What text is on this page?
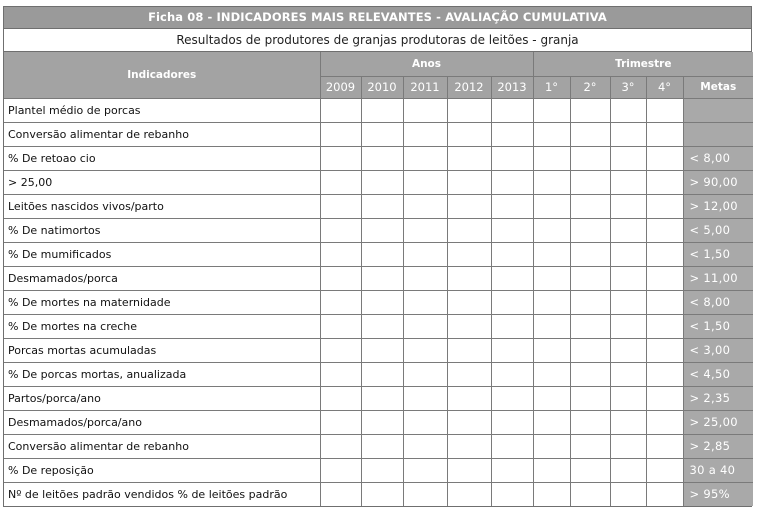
Ficha 08 - INDICADORES MAIS RELEVANTES - AVALIAÇÃO CUMULATIVA
Resultados de produtores de granjas produtoras de leitões - granja
Indicadores	Anos					Trimestre				
	2009	2010	2011	2012	2013	1°	2°	3°	4°	Metas
Plantel médio de porcas										
Conversão alimentar de rebanho										
% De retoao cio										< 8,00
> 25,00										> 90,00
Leitões nascidos vivos/parto										> 12,00
% De natimortos										< 5,00
% De mumificados										< 1,50
Desmamados/porca										> 11,00
% De mortes na maternidade										< 8,00
% De mortes na creche										< 1,50
Porcas mortas acumuladas										< 3,00
% De porcas mortas, anualizada										< 4,50
Partos/porca/ano										> 2,35
Desmamados/porca/ano										> 25,00
Conversão alimentar de rebanho										> 2,85
% De reposição										30 a 40
Nº de leitões padrão vendidos % de leitões padrão										> 95%
